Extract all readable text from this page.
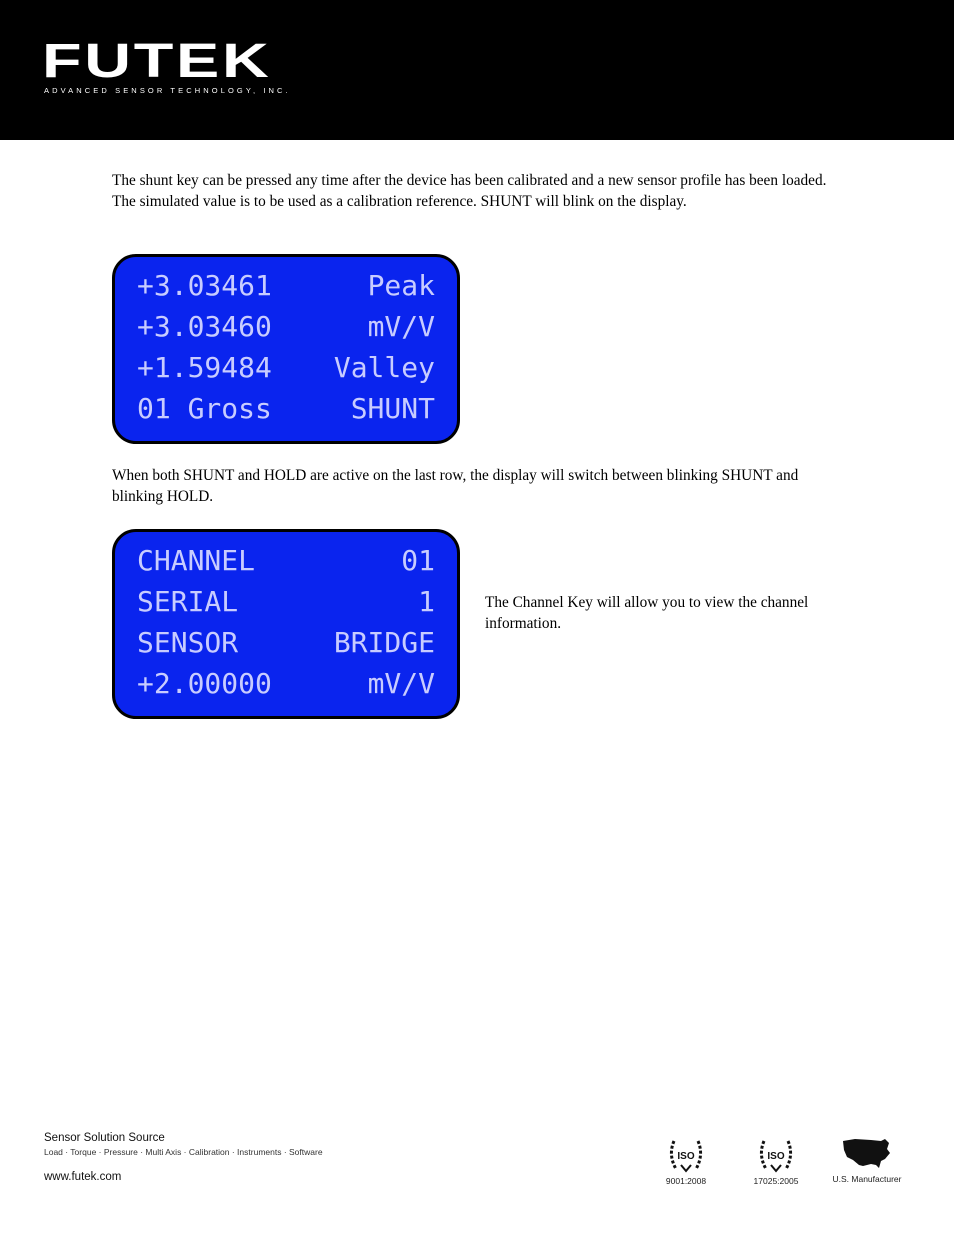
FUTEK
ADVANCED SENSOR TECHNOLOGY, INC.
The shunt key can be pressed any time after the device has been calibrated and a new sensor profile has been loaded. The simulated value is to be used as a calibration reference. SHUNT will blink on the display.
+3.03461	Peak
+3.03460	mV/V
+1.59484 Valley
01 Gross	SHUNT
When both SHUNT and HOLD are active on the last row, the display will switch between blinking SHUNT and blinking HOLD.
CHANNEL	01
SERIAL	1
SENSOR	BRIDGE
+2.00000	mV/V
The Channel Key will allow you to view the channel information.
Sensor Solution Source
Load · Torque · Pressure · Multi Axis · Calibration · Instruments · Software
www.futek.com
ISO
9001:2008
ISO
17025:2005	U.S. Manufacturer
